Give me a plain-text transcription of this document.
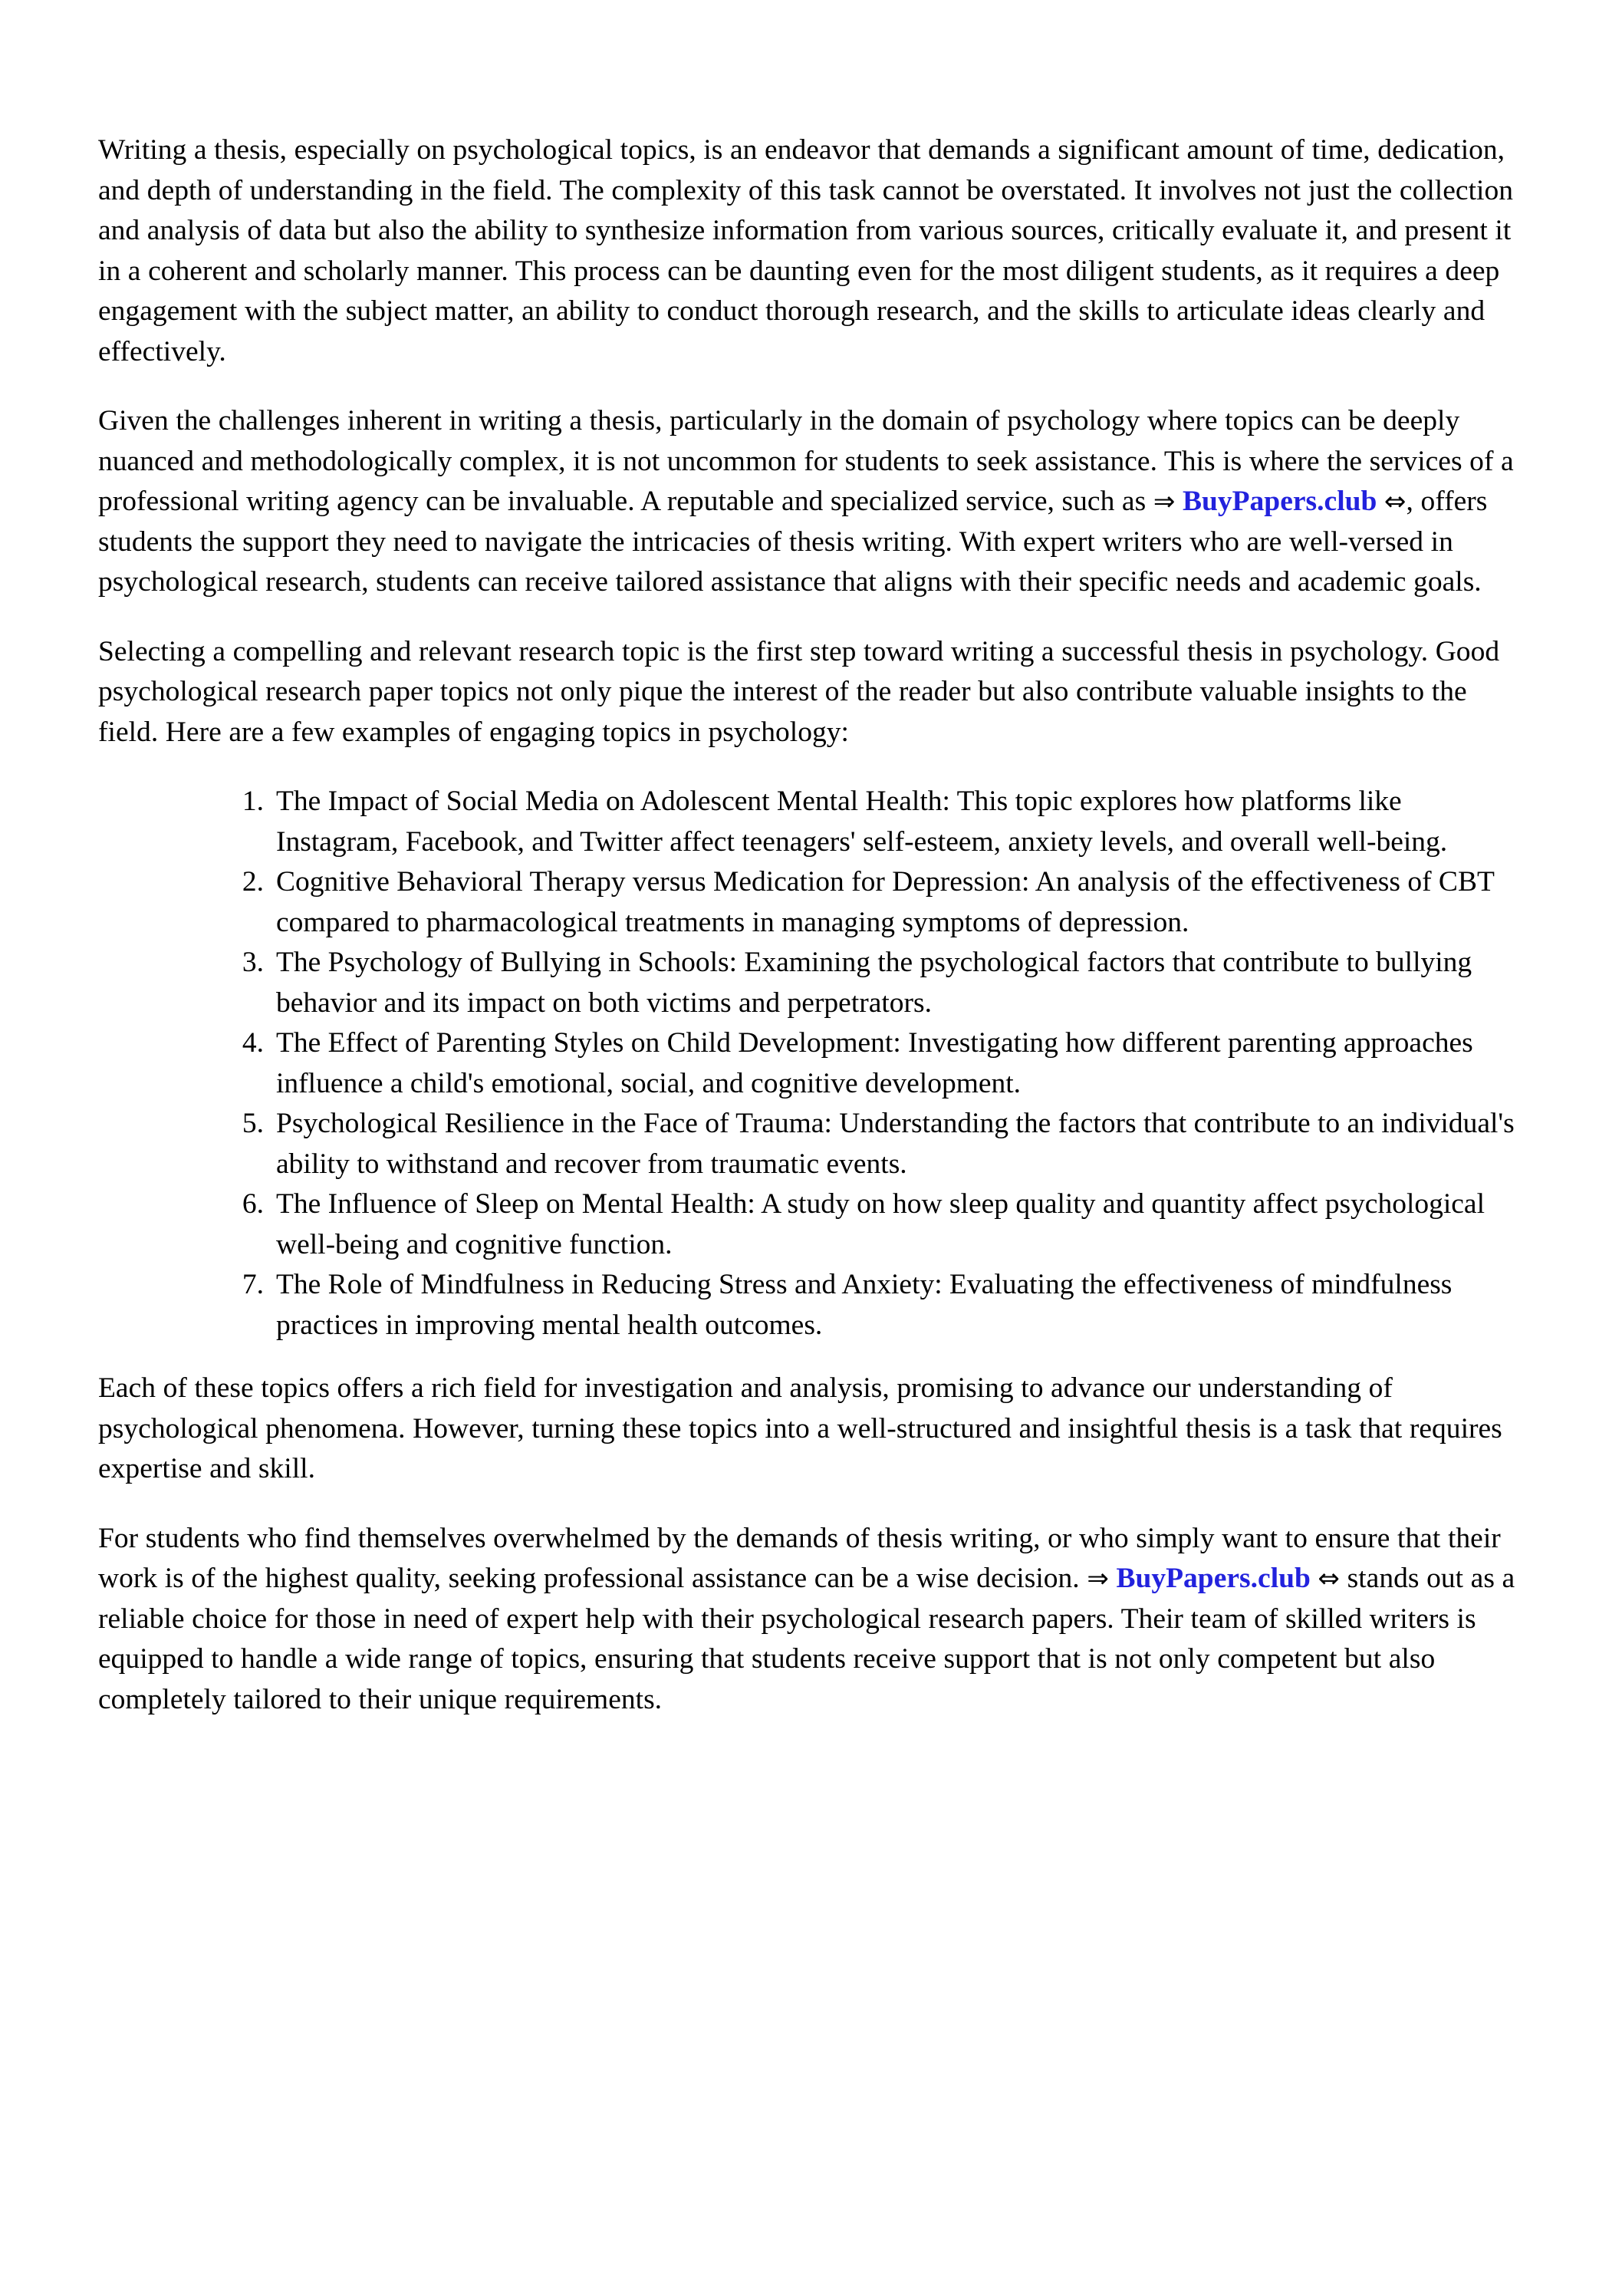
Writing a thesis, especially on psychological topics, is an endeavor that demands a significant amount of time, dedication, and depth of understanding in the field. The complexity of this task cannot be overstated. It involves not just the collection and analysis of data but also the ability to synthesize information from various sources, critically evaluate it, and present it in a coherent and scholarly manner. This process can be daunting even for the most diligent students, as it requires a deep engagement with the subject matter, an ability to conduct thorough research, and the skills to articulate ideas clearly and effectively.

Given the challenges inherent in writing a thesis, particularly in the domain of psychology where topics can be deeply nuanced and methodologically complex, it is not uncommon for students to seek assistance. This is where the services of a professional writing agency can be invaluable. A reputable and specialized service, such as ⇒ BuyPapers.club ⇔, offers students the support they need to navigate the intricacies of thesis writing. With expert writers who are well-versed in psychological research, students can receive tailored assistance that aligns with their specific needs and academic goals.

Selecting a compelling and relevant research topic is the first step toward writing a successful thesis in psychology. Good psychological research paper topics not only pique the interest of the reader but also contribute valuable insights to the field. Here are a few examples of engaging topics in psychology:

The Impact of Social Media on Adolescent Mental Health: This topic explores how platforms like Instagram, Facebook, and Twitter affect teenagers' self-esteem, anxiety levels, and overall well-being.
Cognitive Behavioral Therapy versus Medication for Depression: An analysis of the effectiveness of CBT compared to pharmacological treatments in managing symptoms of depression.
The Psychology of Bullying in Schools: Examining the psychological factors that contribute to bullying behavior and its impact on both victims and perpetrators.
The Effect of Parenting Styles on Child Development: Investigating how different parenting approaches influence a child's emotional, social, and cognitive development.
Psychological Resilience in the Face of Trauma: Understanding the factors that contribute to an individual's ability to withstand and recover from traumatic events.
The Influence of Sleep on Mental Health: A study on how sleep quality and quantity affect psychological well-being and cognitive function.
The Role of Mindfulness in Reducing Stress and Anxiety: Evaluating the effectiveness of mindfulness practices in improving mental health outcomes.

Each of these topics offers a rich field for investigation and analysis, promising to advance our understanding of psychological phenomena. However, turning these topics into a well-structured and insightful thesis is a task that requires expertise and skill.

For students who find themselves overwhelmed by the demands of thesis writing, or who simply want to ensure that their work is of the highest quality, seeking professional assistance can be a wise decision. ⇒ BuyPapers.club ⇔ stands out as a reliable choice for those in need of expert help with their psychological research papers. Their team of skilled writers is equipped to handle a wide range of topics, ensuring that students receive support that is not only competent but also completely tailored to their unique requirements.
